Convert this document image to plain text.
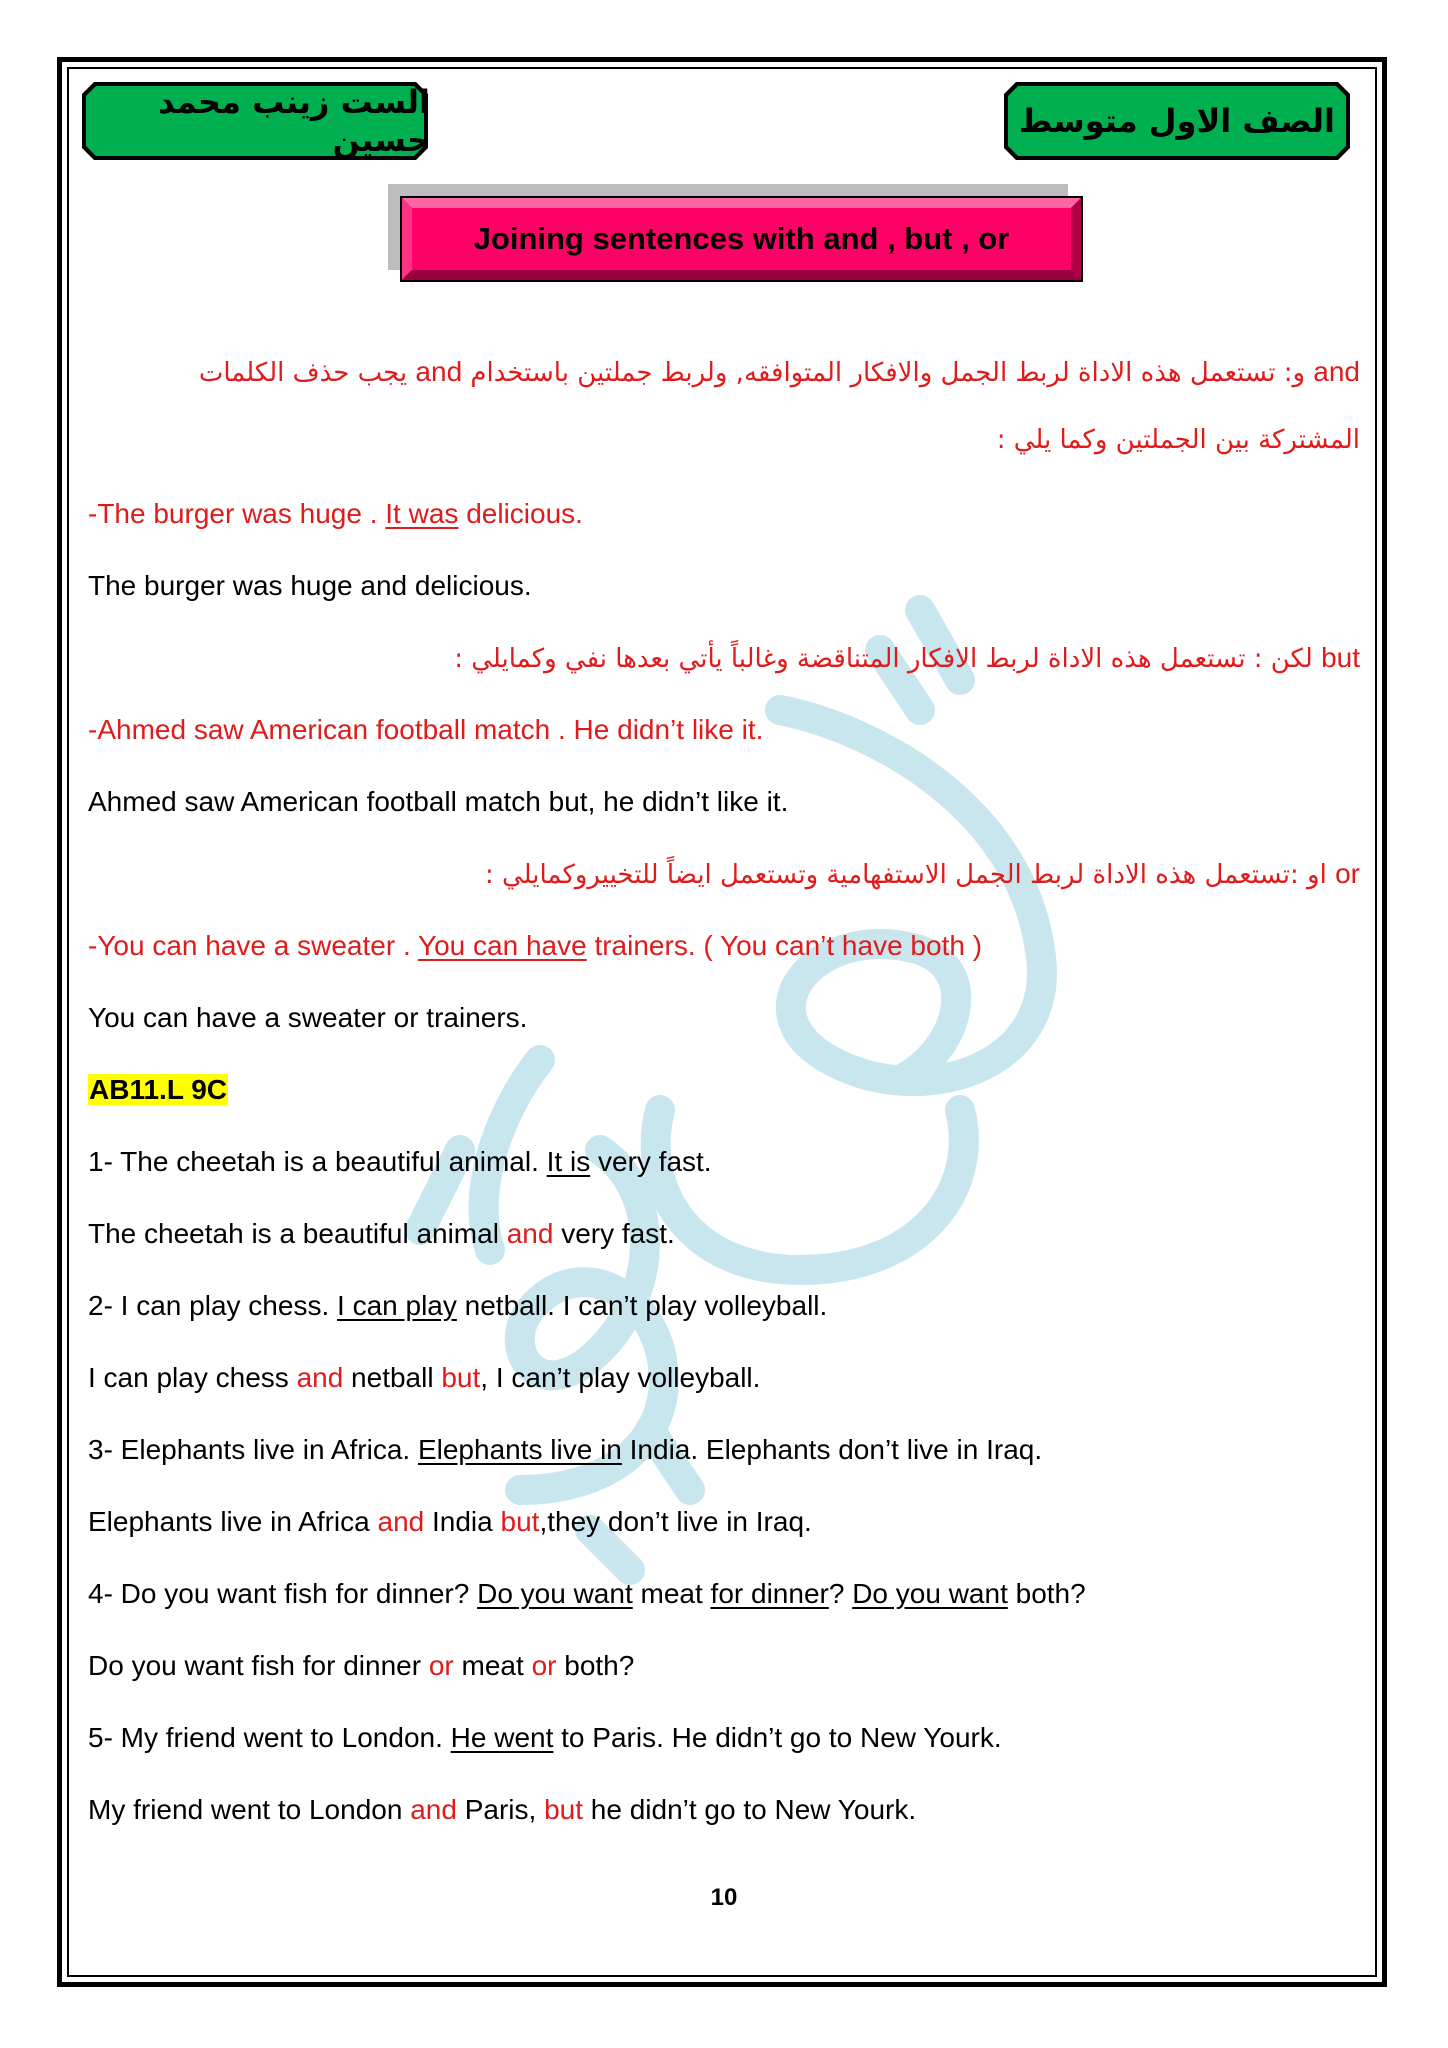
الصف الاول متوسط
الست زينب محمد حسين
Joining sentences with and , but , or
and و: تستعمل هذه الاداة لربط الجمل والافكار المتوافقه, ولربط جملتين باستخدام and يجب حذف الكلمات
المشتركة بين الجملتين وكما يلي :
-The burger was huge . It was delicious.
The burger was huge and delicious.
but لكن : تستعمل هذه الاداة لربط الافكار المتناقضة وغالباً يأتي بعدها نفي وكمايلي :
-Ahmed saw American football match . He didn’t like it.
Ahmed saw American football match but, he didn’t like it.
or او :تستعمل هذه الاداة لربط الجمل الاستفهامية وتستعمل ايضاً للتخييروكمايلي :
-You can have a sweater . You can have trainers. ( You can’t have both )
You can have a sweater or trainers.
AB11.L 9C
1- The cheetah is a beautiful animal. It is very fast.
The cheetah is a beautiful animal and very fast.
2- I can play chess. I can play netball. I can’t play volleyball.
I can play chess and netball but, I can’t play volleyball.
3- Elephants live in Africa. Elephants live in India. Elephants don’t live in Iraq.
Elephants live in Africa and India but,they don’t live in Iraq.
4- Do you want fish for dinner? Do you want meat for dinner? Do you want both?
Do you want fish for dinner or meat or both?
5- My friend went to London. He went to Paris. He didn’t go to New Yourk.
My friend went to London and Paris, but he didn’t go to New Yourk.
10
